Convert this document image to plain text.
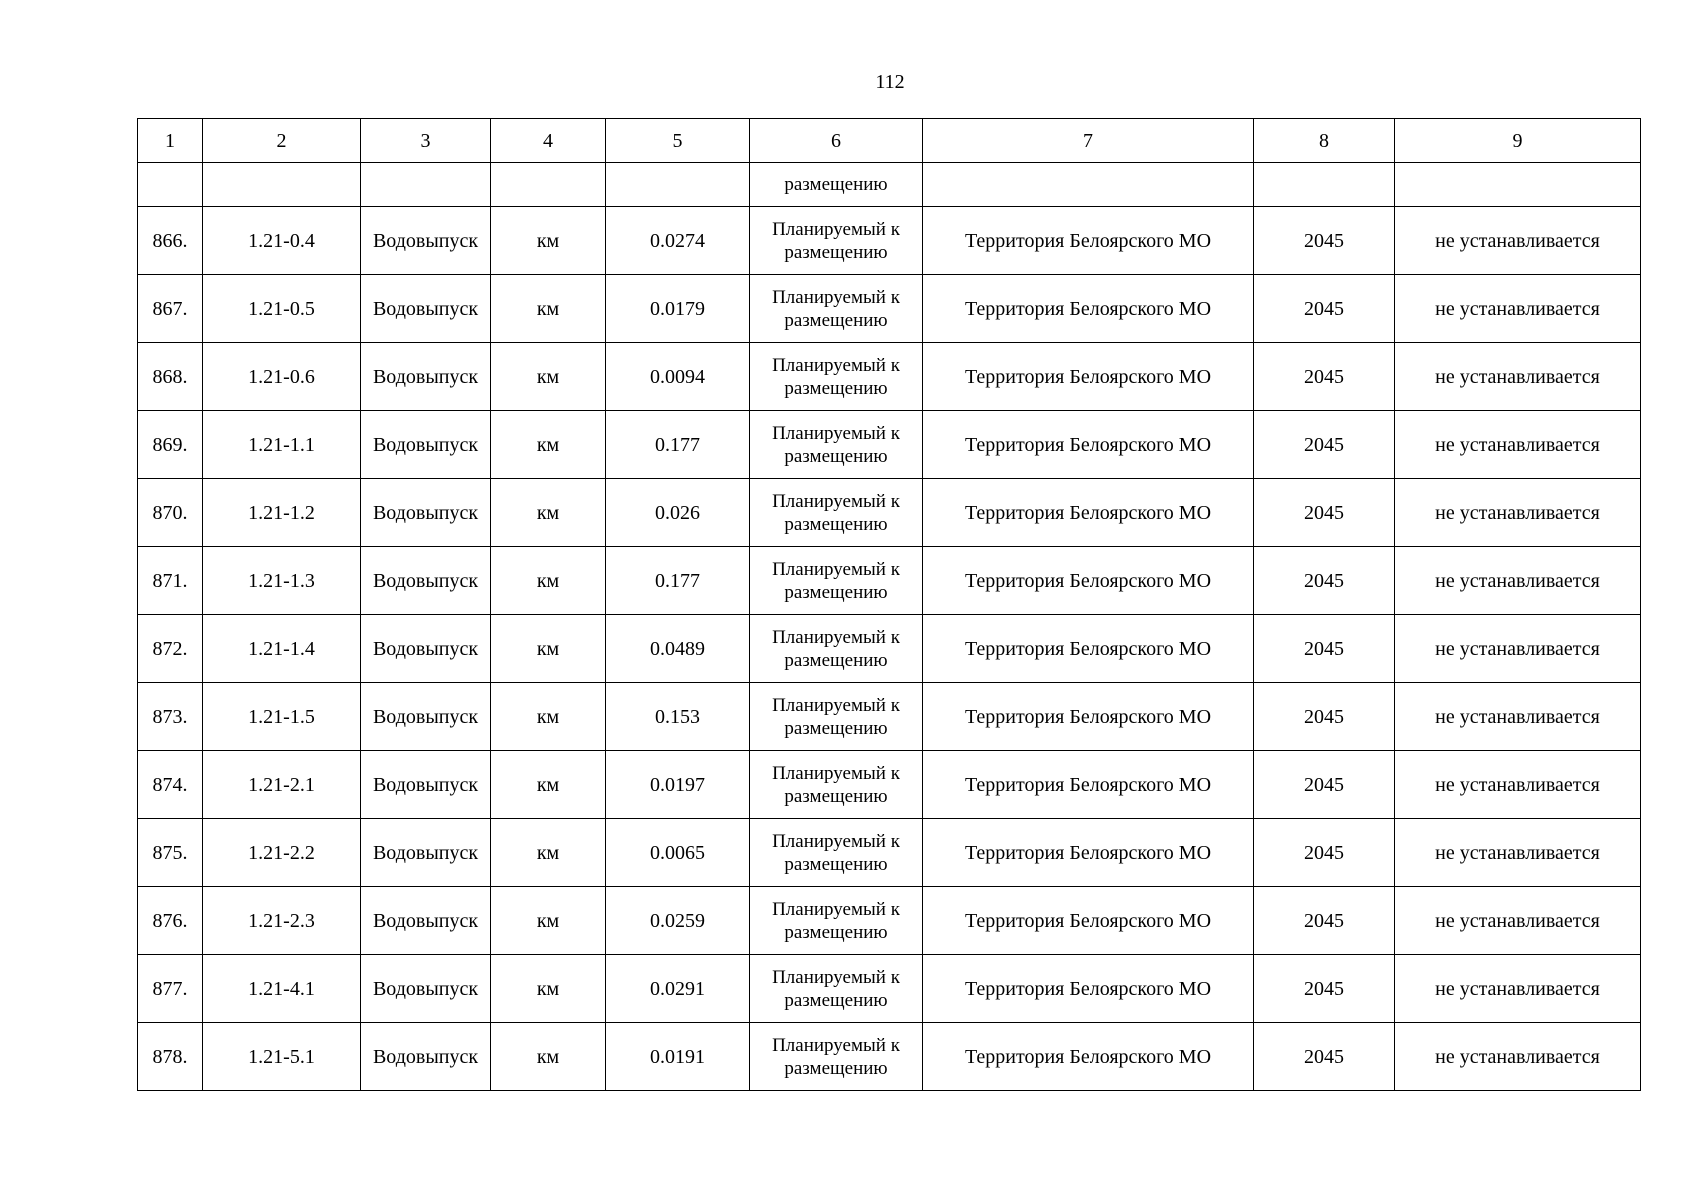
112
1	2	3	4	5	6	7	8	9
					размещению			
866.	1.21-0.4	Водовыпуск	км	0.0274	Планируемый к размещению	Территория Белоярского МО	2045	не устанавливается
867.	1.21-0.5	Водовыпуск	км	0.0179	Планируемый к размещению	Территория Белоярского МО	2045	не устанавливается
868.	1.21-0.6	Водовыпуск	км	0.0094	Планируемый к размещению	Территория Белоярского МО	2045	не устанавливается
869.	1.21-1.1	Водовыпуск	км	0.177	Планируемый к размещению	Территория Белоярского МО	2045	не устанавливается
870.	1.21-1.2	Водовыпуск	км	0.026	Планируемый к размещению	Территория Белоярского МО	2045	не устанавливается
871.	1.21-1.3	Водовыпуск	км	0.177	Планируемый к размещению	Территория Белоярского МО	2045	не устанавливается
872.	1.21-1.4	Водовыпуск	км	0.0489	Планируемый к размещению	Территория Белоярского МО	2045	не устанавливается
873.	1.21-1.5	Водовыпуск	км	0.153	Планируемый к размещению	Территория Белоярского МО	2045	не устанавливается
874.	1.21-2.1	Водовыпуск	км	0.0197	Планируемый к размещению	Территория Белоярского МО	2045	не устанавливается
875.	1.21-2.2	Водовыпуск	км	0.0065	Планируемый к размещению	Территория Белоярского МО	2045	не устанавливается
876.	1.21-2.3	Водовыпуск	км	0.0259	Планируемый к размещению	Территория Белоярского МО	2045	не устанавливается
877.	1.21-4.1	Водовыпуск	км	0.0291	Планируемый к размещению	Территория Белоярского МО	2045	не устанавливается
878.	1.21-5.1	Водовыпуск	км	0.0191	Планируемый к размещению	Территория Белоярского МО	2045	не устанавливается
